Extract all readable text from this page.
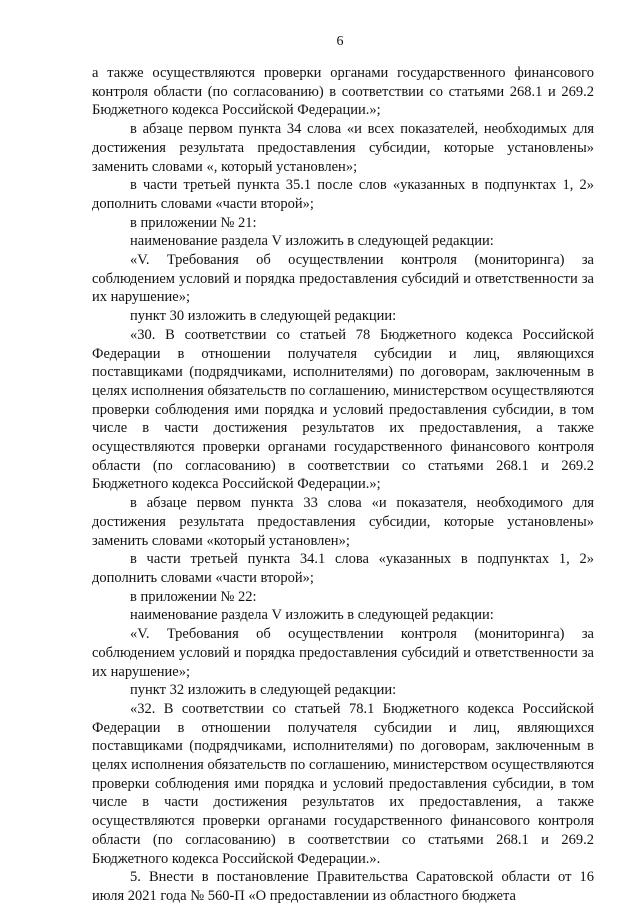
6

а также осуществляются проверки органами государственного финансового контроля области (по согласованию) в соответствии со статьями 268.1 и 269.2 Бюджетного кодекса Российской Федерации.»;

в абзаце первом пункта 34 слова «и всех показателей, необходимых для достижения результата предоставления субсидии, которые установлены» заменить словами «, который установлен»;

в части третьей пункта 35.1 после слов «указанных в подпунктах 1, 2» дополнить словами «части второй»;

в приложении № 21:

наименование раздела V изложить в следующей редакции:

«V. Требования об осуществлении контроля (мониторинга) за соблюдением условий и порядка предоставления субсидий и ответственности за их нарушение»;

пункт 30 изложить в следующей редакции:

«30. В соответствии со статьей 78 Бюджетного кодекса Российской Федерации в отношении получателя субсидии и лиц, являющихся поставщиками (подрядчиками, исполнителями) по договорам, заключенным в целях исполнения обязательств по соглашению, министерством осуществляются проверки соблюдения ими порядка и условий предоставления субсидии, в том числе в части достижения результатов их предоставления, а также осуществляются проверки органами государственного финансового контроля области (по согласованию) в соответствии со статьями 268.1 и 269.2 Бюджетного кодекса Российской Федерации.»;

в абзаце первом пункта 33 слова «и показателя, необходимого для достижения результата предоставления субсидии, которые установлены» заменить словами «который установлен»;

в части третьей пункта 34.1 слова «указанных в подпунктах 1, 2» дополнить словами «части второй»;

в приложении № 22:

наименование раздела V изложить в следующей редакции:

«V. Требования об осуществлении контроля (мониторинга) за соблюдением условий и порядка предоставления субсидий и ответственности за их нарушение»;

пункт 32 изложить в следующей редакции:

«32. В соответствии со статьей 78.1 Бюджетного кодекса Российской Федерации в отношении получателя субсидии и лиц, являющихся поставщиками (подрядчиками, исполнителями) по договорам, заключенным в целях исполнения обязательств по соглашению, министерством осуществляются проверки соблюдения ими порядка и условий предоставления субсидии, в том числе в части достижения результатов их предоставления, а также осуществляются проверки органами государственного финансового контроля области (по согласованию) в соответствии со статьями 268.1 и 269.2 Бюджетного кодекса Российской Федерации.».

5. Внести в постановление Правительства Саратовской области от 16 июля 2021 года № 560-П «О предоставлении из областного бюджета
